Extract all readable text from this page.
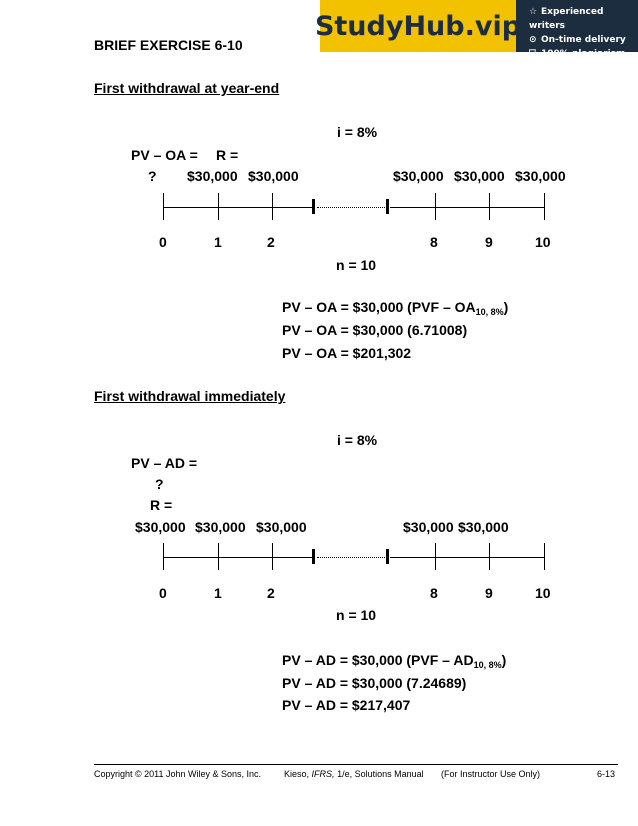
StudyHub.vip ☆ Experienced writers
⊙ On-time delivery
⛉ 100% plagiarism free
BRIEF EXERCISE 6-10
First withdrawal at year-end
i = 8%
PV – OA = R =
? $30,000 $30,000	$30,000 $30,000 $30,000
0	1	2	8	9	10
n = 10
PV – OA = $30,000 $(PVF - OA_{10, 8\%})$
PV – OA = $30,000 (6.71008)
PV – OA = $201,302
First withdrawal immediately
i = 8%
PV – AD =
?
R =
$30,000 $30,000 $30,000	$30,000 $30,000
0	1	2	8	9	10
n = 10
PV – AD = $30,000 $(PVF - AD_{10, 8\%})$
PV – AD = $30,000 (7.24689)
PV – AD = $217,407
Copyright © 2011 John Wiley & Sons, Inc.	Kieso, IFRS, 1/e, Solutions Manual (For Instructor Use Only)	6-13
